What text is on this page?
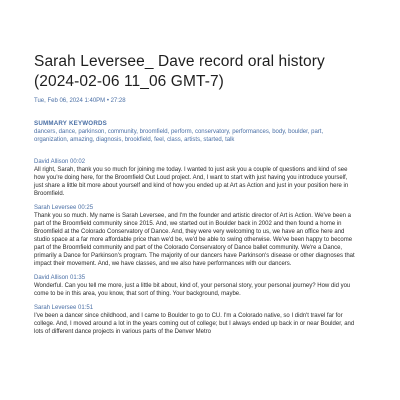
Sarah Leversee_ Dave record oral history (2024-02-06 11_06 GMT-7)

Tue, Feb 06, 2024 1:40PM • 27:28

SUMMARY KEYWORDS

dancers, dance, parkinson, community, broomfield, perform, conservatory, performances, body, boulder, part, organization, amazing, diagnosis, brookfield, feel, class, artists, started, talk

David Allison 00:02

All right, Sarah, thank you so much for joining me today. I wanted to just ask you a couple of questions and kind of see how you're doing here, for the Broomfield Out Loud project. And, I want to start with just having you introduce yourself, just share a little bit more about yourself and kind of how you ended up at Art as Action and just in your position here in Broomfield.

Sarah Leversee 00:25

Thank you so much. My name is Sarah Leversee, and I'm the founder and artistic director of Art is Action. We've been a part of the Broomfield community since 2015. And, we started out in Boulder back in 2002 and then found a home in Broomfield at the Colorado Conservatory of Dance. And, they were very welcoming to us, we have an office here and studio space at a far more affordable price than we'd be, we'd be able to swing otherwise. We've been happy to become part of the Broomfield community and part of the Colorado Conservatory of Dance ballet community. We're a Dance, primarily a Dance for Parkinson's program. The majority of our dancers have Parkinson's disease or other diagnoses that impact their movement. And, we have classes, and we also have performances with our dancers.

David Allison 01:35

Wonderful. Can you tell me more, just a little bit about, kind of, your personal story, your personal journey? How did you come to be in this area, you know, that sort of thing. Your background, maybe.

Sarah Leversee 01:51

I've been a dancer since childhood, and I came to Boulder to go to CU. I'm a Colorado native, so I didn't travel far for college. And, I moved around a lot in the years coming out of college; but I always ended up back in or near Boulder, and lots of different dance projects in various parts of the Denver Metro
